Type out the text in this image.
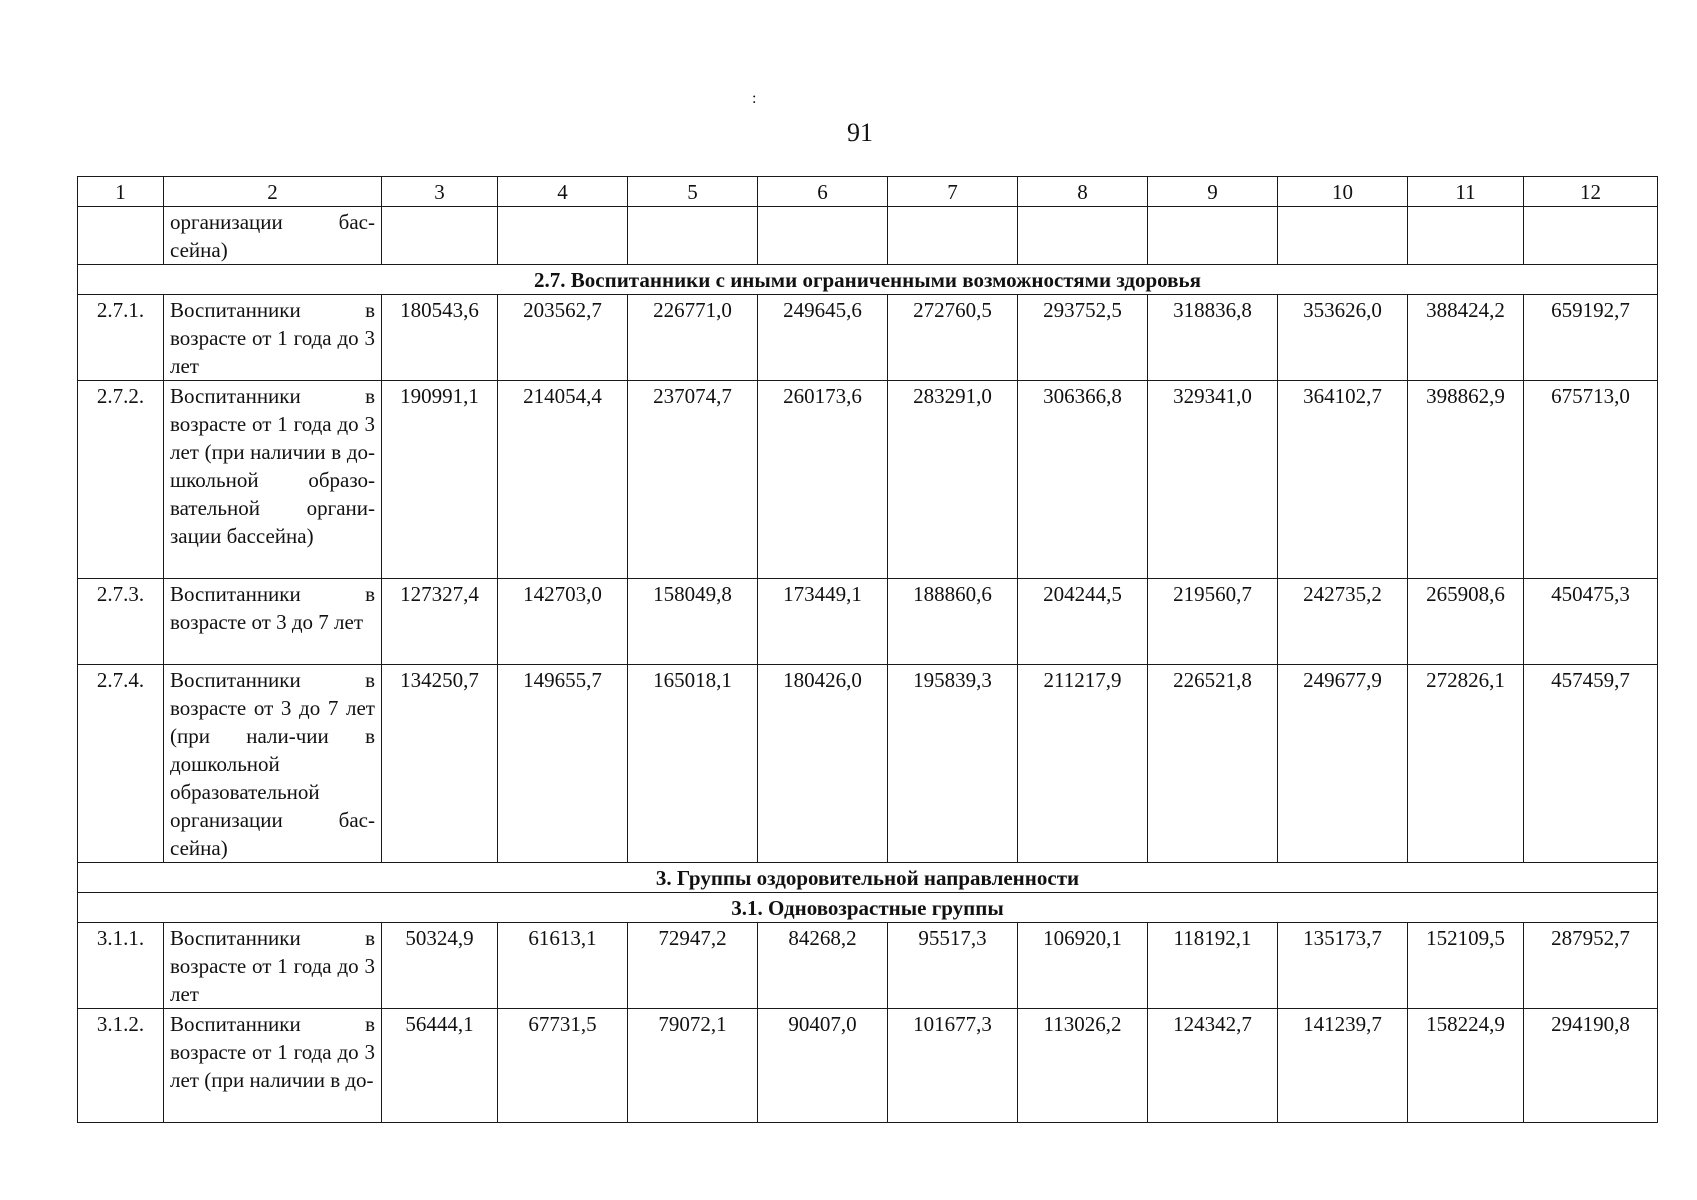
:
91
1	2	3	4	5	6	7	8	9	10	11	12
	организации бас-сейна)										
2.7. Воспитанники с иными ограниченными возможностями здоровья											
2.7.1.	Воспитанники в возрасте от 1 года до 3 лет	180543,6	203562,7	226771,0	249645,6	272760,5	293752,5	318836,8	353626,0	388424,2	659192,7
2.7.2.	Воспитанники в возрасте от 1 года до 3 лет (при наличии в до-школьной образо-вательной органи-зации бассейна)	190991,1	214054,4	237074,7	260173,6	283291,0	306366,8	329341,0	364102,7	398862,9	675713,0
2.7.3.	Воспитанники в возрасте от 3 до 7 лет	127327,4	142703,0	158049,8	173449,1	188860,6	204244,5	219560,7	242735,2	265908,6	450475,3
2.7.4.	Воспитанники в возрасте от 3 до 7 лет (при нали-чии в дошкольной образовательной организации бас-сейна)	134250,7	149655,7	165018,1	180426,0	195839,3	211217,9	226521,8	249677,9	272826,1	457459,7
3. Группы оздоровительной направленности											
3.1. Одновозрастные группы											
3.1.1.	Воспитанники в возрасте от 1 года до 3 лет	50324,9	61613,1	72947,2	84268,2	95517,3	106920,1	118192,1	135173,7	152109,5	287952,7
3.1.2.	Воспитанники в возрасте от 1 года до 3 лет (при наличии в до-	56444,1	67731,5	79072,1	90407,0	101677,3	113026,2	124342,7	141239,7	158224,9	294190,8
